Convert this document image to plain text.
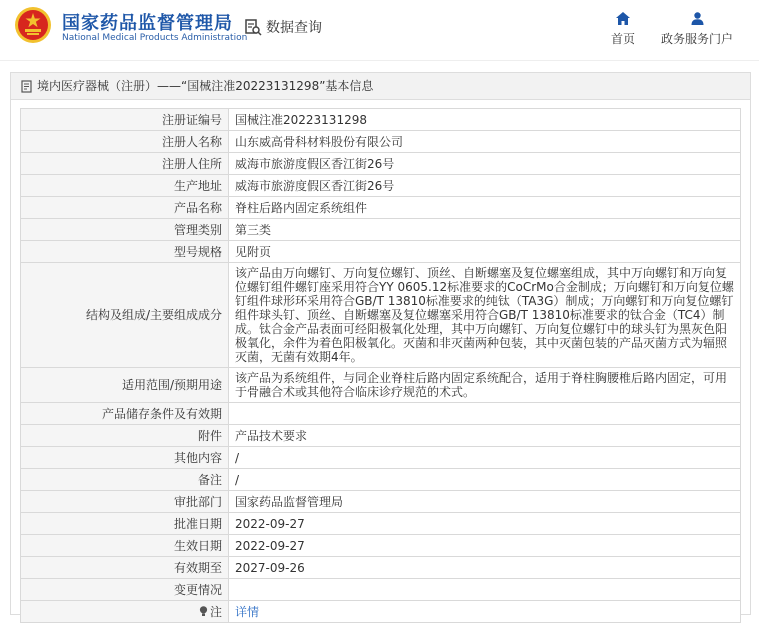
国家药品监督管理局
National Medical Products Administration
数据查询
首页 政务服务门户
境内医疗器械（注册）——“国械注准20223131298”基本信息
注册证编号	国械注准20223131298
注册人名称	山东威高骨科材料股份有限公司
注册人住所	威海市旅游度假区香江街26号
生产地址	威海市旅游度假区香江街26号
产品名称	脊柱后路内固定系统组件
管理类别	第三类
型号规格	见附页
结构及组成/主要组成成分	该产品由万向螺钉、万向复位螺钉、顶丝、自断螺塞及复位螺塞组成，其中万向螺钉和万向复位螺钉组件螺钉座采用符合YY 0605.12标准要求的CoCrMo合金制成；万向螺钉和万向复位螺钉组件球形环采用符合GB/T 13810标准要求的纯钛（TA3G）制成；万向螺钉和万向复位螺钉组件球头钉、顶丝、自断螺塞及复位螺塞采用符合GB/T 13810标准要求的钛合金（TC4）制成。钛合金产品表面可经阳极氧化处理，其中万向螺钉、万向复位螺钉中的球头钉为黑灰色阳极氧化，余件为着色阳极氧化。灭菌和非灭菌两种包装，其中灭菌包装的产品灭菌方式为辐照灭菌，无菌有效期4年。
适用范围/预期用途	该产品为系统组件，与同企业脊柱后路内固定系统配合，适用于脊柱胸腰椎后路内固定，可用于骨融合术或其他符合临床诊疗规范的术式。
产品储存条件及有效期	
附件	产品技术要求
其他内容	/
备注	/
审批部门	国家药品监督管理局
批准日期	2022-09-27
生效日期	2022-09-27
有效期至	2027-09-26
变更情况	
注	详情
